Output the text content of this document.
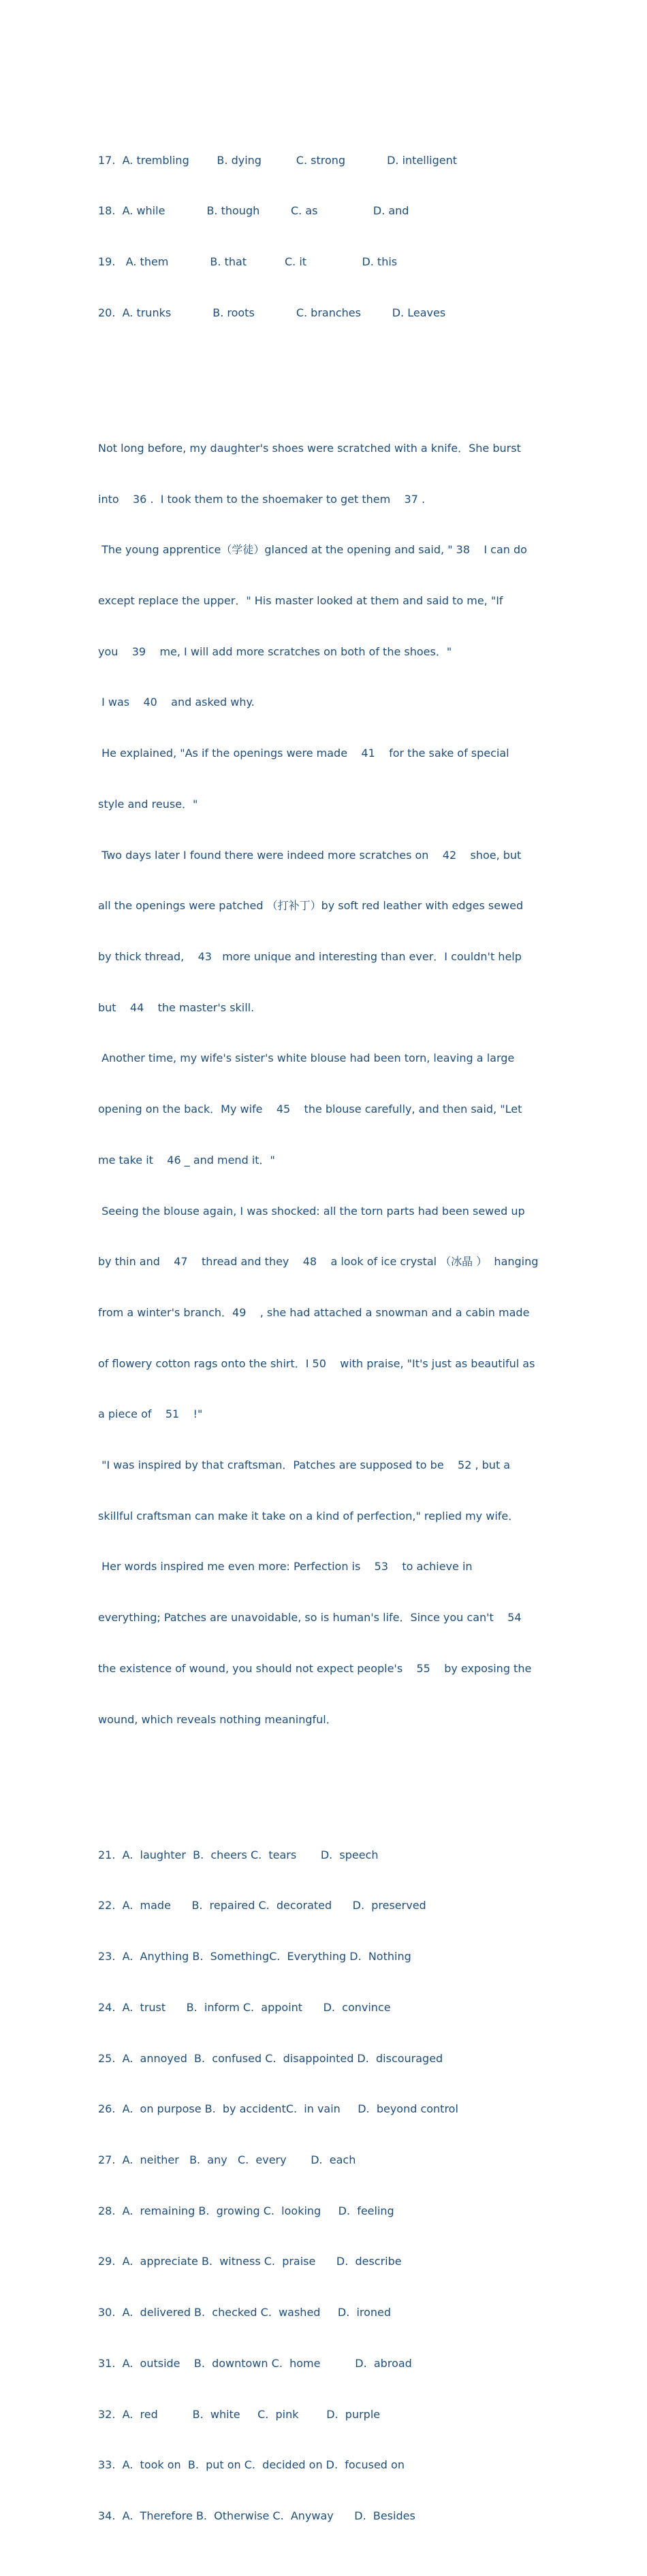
17.  A. trembling        B. dying          C. strong            D. intelligent

18.  A. while            B. though         C. as                D. and

19.   A. them            B. that           C. it                D. this

20.  A. trunks            B. roots            C. branches         D. Leaves

Not long before, my daughter's shoes were scratched with a knife．She burst

into    36 .  I took them to the shoemaker to get them    37 .

The young apprentice（学徒）glanced at the opening and said, " 38    I can do

except replace the upper．" His master looked at them and said to me, "If

you    39    me, I will add more scratches on both of the shoes．"

I was    40    and asked why.

He explained, "As if the openings were made    41    for the sake of special

style and reuse．"

Two days later I found there were indeed more scratches on    42    shoe, but

all the openings were patched （打补丁）by soft red leather with edges sewed

by thick thread,    43   more unique and interesting than ever．I couldn't help

but    44    the master's skill.

Another time, my wife's sister's white blouse had been torn, leaving a large

opening on the back．My wife    45    the blouse carefully, and then said, "Let

me take it    46 _ and mend it．"

Seeing the blouse again, I was shocked: all the torn parts had been sewed up

by thin and    47    thread and they    48    a look of ice crystal （冰晶 ）  hanging

from a winter's branch．49    , she had attached a snowman and a cabin made

of flowery cotton rags onto the shirt．I 50    with praise, "It's just as beautiful as

a piece of    51    !"

"I was inspired by that craftsman．Patches are supposed to be    52 , but a

skillful craftsman can make it take on a kind of perfection," replied my wife．

Her words inspired me even more: Perfection is    53    to achieve in

everything; Patches are unavoidable, so is human's life．Since you can't    54

the existence of wound, you should not expect people's    55    by exposing the

wound, which reveals nothing meaningful．

21.  A.  laughter  B.  cheers C.  tears       D.  speech

22.  A.  made      B.  repaired C.  decorated      D.  preserved

23.  A.  Anything B.  SomethingC.  Everything D.  Nothing

24.  A.  trust      B.  inform C.  appoint      D.  convince

25.  A.  annoyed  B.  confused C.  disappointed D.  discouraged

26.  A.  on purpose B.  by accidentC.  in vain     D.  beyond control

27.  A.  neither   B.  any   C.  every       D.  each

28.  A.  remaining B.  growing C.  looking     D.  feeling

29.  A.  appreciate B.  witness C.  praise      D.  describe

30.  A.  delivered B.  checked C.  washed     D.  ironed

31.  A.  outside    B.  downtown C.  home          D.  abroad

32.  A.  red          B.  white     C.  pink        D.  purple

33.  A.  took on  B.  put on C.  decided on D.  focused on

34.  A.  Therefore B.  Otherwise C.  Anyway      D.  Besides
